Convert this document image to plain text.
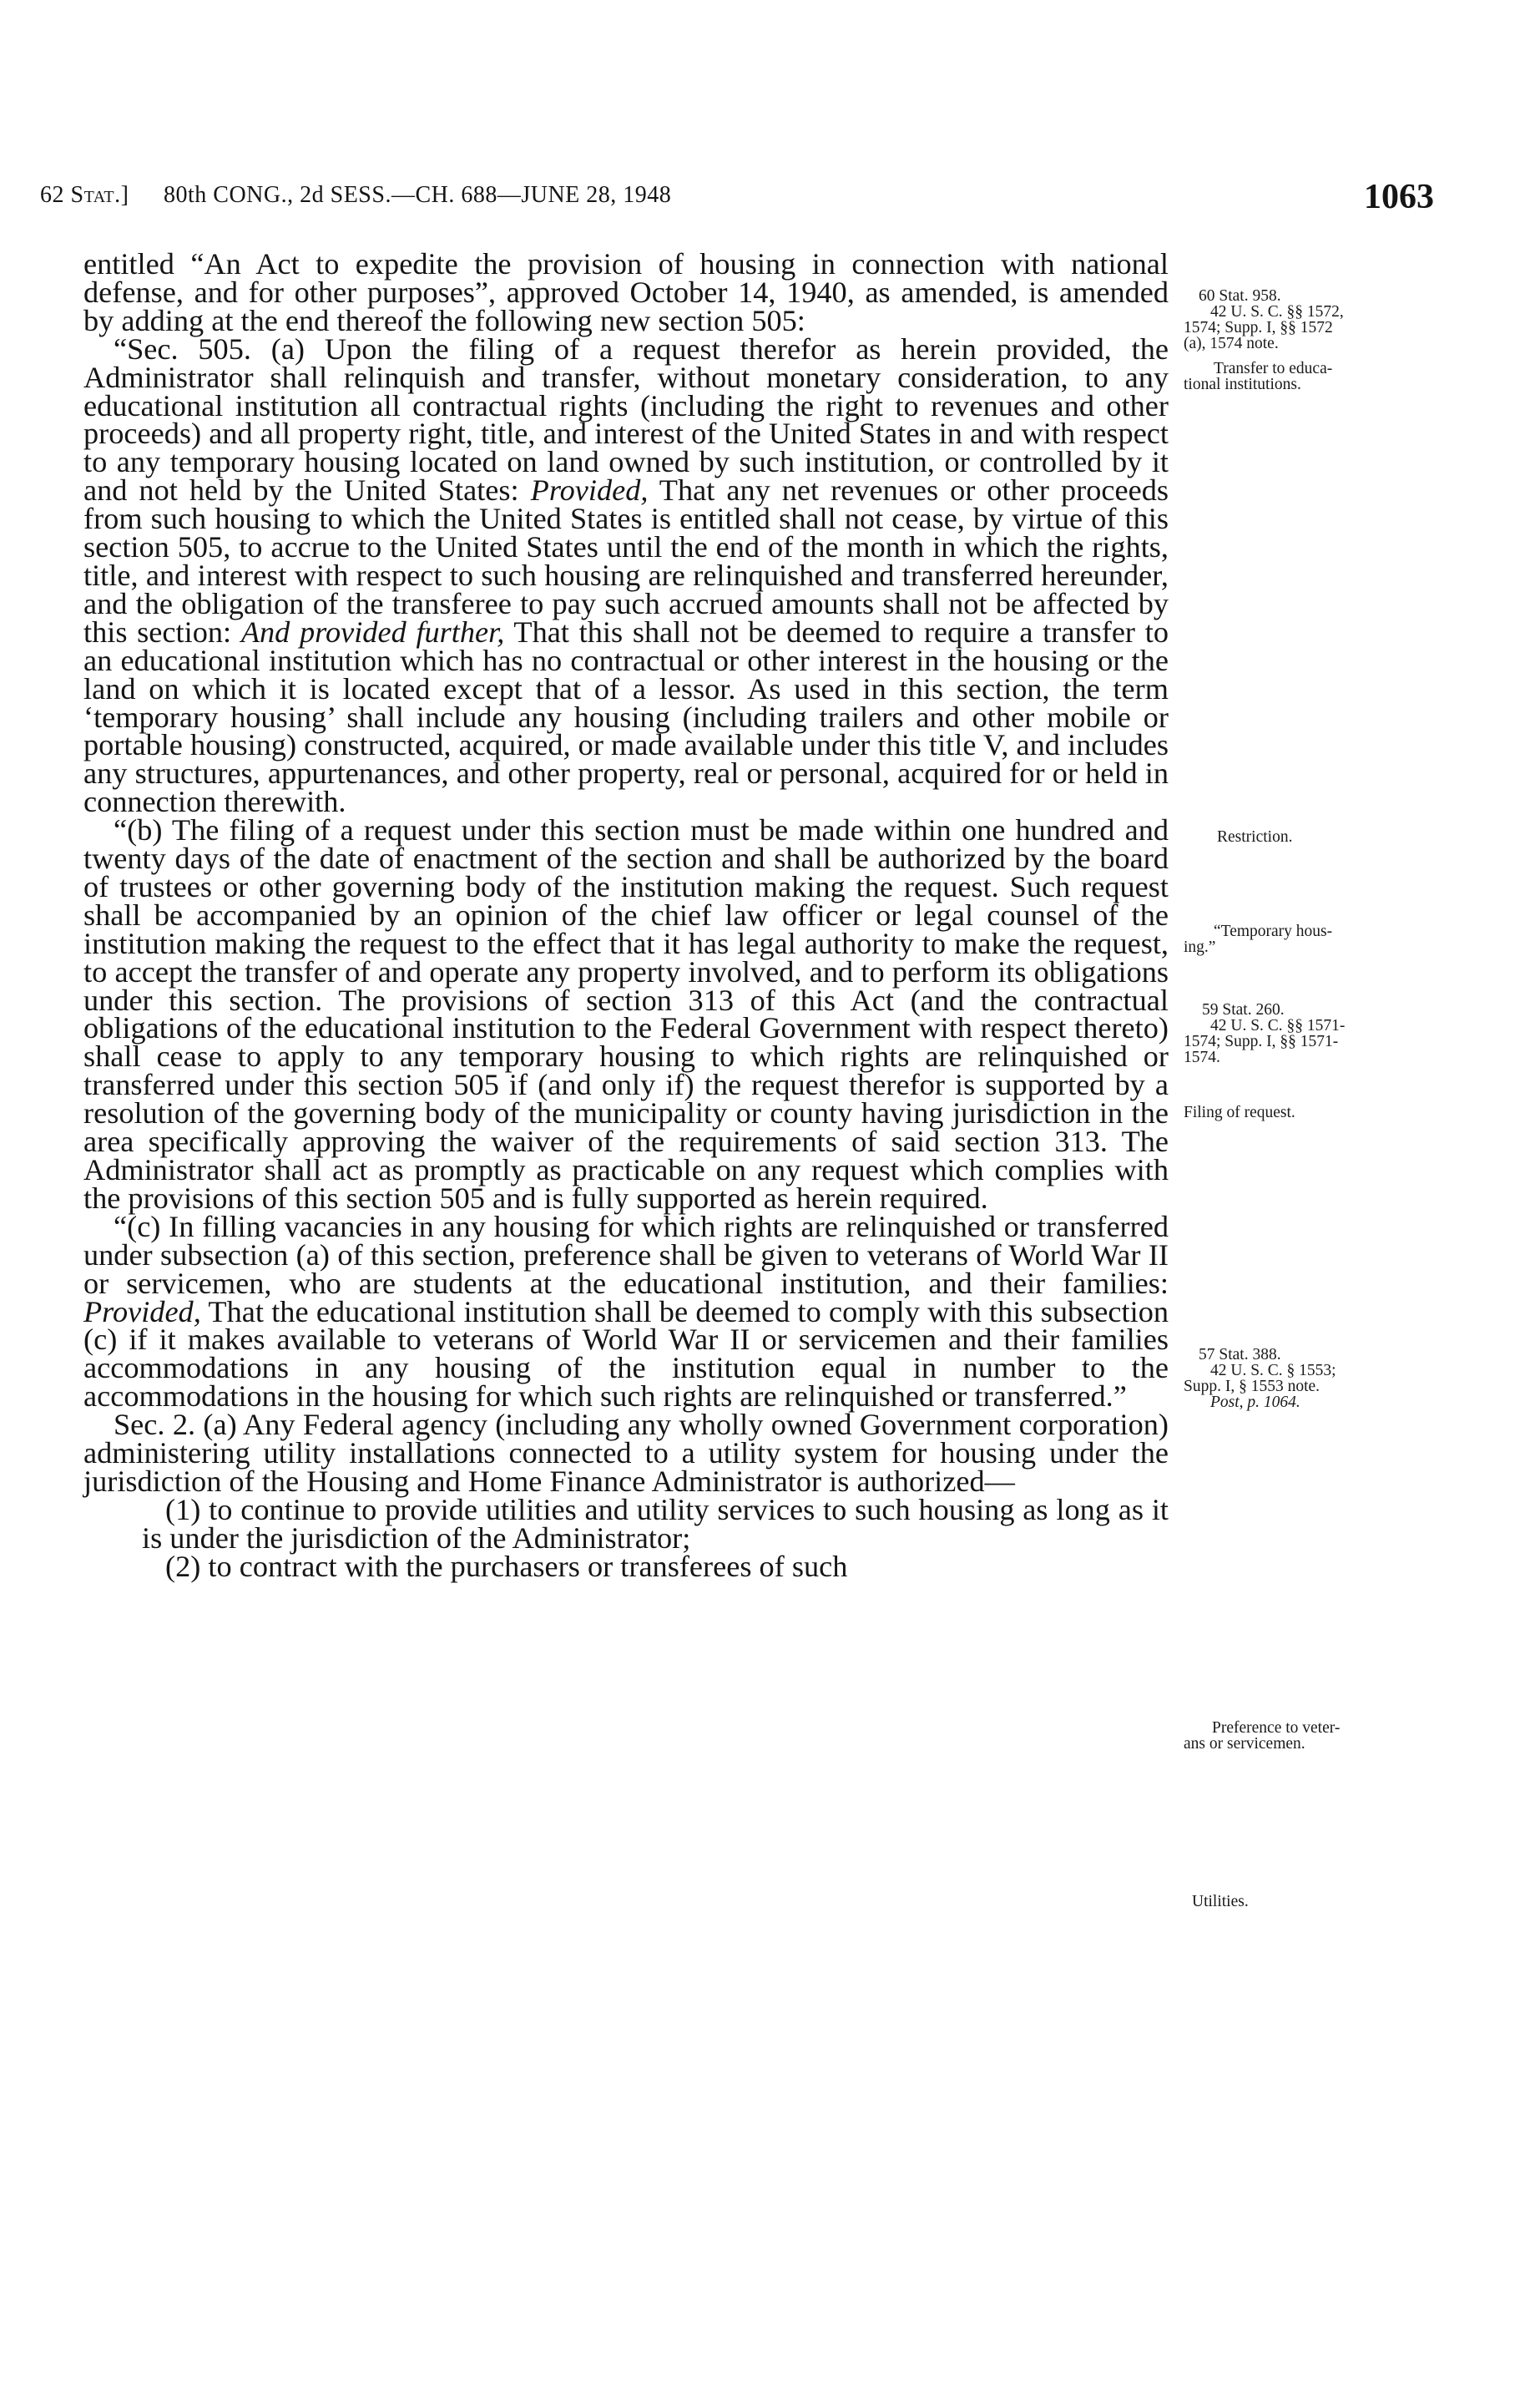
62 Stat.] 80th CONG., 2d SESS.—CH. 688—JUNE 28, 1948	1063

entitled “An Act to expedite the provision of housing in connection with national defense, and for other purposes”, approved October 14, 1940, as amended, is amended by adding at the end thereof the following new section 505:

“Sec. 505. (a) Upon the filing of a request therefor as herein provided, the Administrator shall relinquish and transfer, without monetary consideration, to any educational institution all contractual rights (including the right to revenues and other proceeds) and all property right, title, and interest of the United States in and with respect to any temporary housing located on land owned by such institution, or controlled by it and not held by the United States: Provided, That any net revenues or other proceeds from such housing to which the United States is entitled shall not cease, by virtue of this section 505, to accrue to the United States until the end of the month in which the rights, title, and interest with respect to such housing are relinquished and transferred hereunder, and the obligation of the transferee to pay such accrued amounts shall not be affected by this section: And provided further, That this shall not be deemed to require a transfer to an educational institution which has no contractual or other interest in the housing or the land on which it is located except that of a lessor. As used in this section, the term ‘temporary housing’ shall include any housing (including trailers and other mobile or portable housing) constructed, acquired, or made available under this title V, and includes any structures, appurtenances, and other property, real or personal, acquired for or held in connection therewith.

“(b) The filing of a request under this section must be made within one hundred and twenty days of the date of enactment of the section and shall be authorized by the board of trustees or other governing body of the institution making the request. Such request shall be accompanied by an opinion of the chief law officer or legal counsel of the institution making the request to the effect that it has legal authority to make the request, to accept the transfer of and operate any property involved, and to perform its obligations under this section. The provisions of section 313 of this Act (and the contractual obligations of the educational institution to the Federal Government with respect thereto) shall cease to apply to any temporary housing to which rights are relinquished or transferred under this section 505 if (and only if) the request therefor is supported by a resolution of the governing body of the municipality or county having jurisdiction in the area specifically approving the waiver of the requirements of said section 313. The Administrator shall act as promptly as practicable on any request which complies with the provisions of this section 505 and is fully supported as herein required.

“(c) In filling vacancies in any housing for which rights are relinquished or transferred under subsection (a) of this section, preference shall be given to veterans of World War II or servicemen, who are students at the educational institution, and their families: Provided, That the educational institution shall be deemed to comply with this subsection (c) if it makes available to veterans of World War II or servicemen and their families accommodations in any housing of the institution equal in number to the accommodations in the housing for which such rights are relinquished or transferred.”

Sec. 2. (a) Any Federal agency (including any wholly owned Government corporation) administering utility installations connected to a utility system for housing under the jurisdiction of the Housing and Home Finance Administrator is authorized—

(1) to continue to provide utilities and utility services to such housing as long as it is under the jurisdiction of the Administrator;

(2) to contract with the purchasers or transferees of such

60 Stat. 958.
42 U. S. C. §§ 1572,
1574; Supp. I, §§ 1572
(a), 1574 note.
Transfer to educa-
tional institutions.
Restriction.
“Temporary hous-
ing.”
59 Stat. 260.
42 U. S. C. §§ 1571-
1574; Supp. I, §§ 1571-
1574.
Filing of request.
57 Stat. 388.
42 U. S. C. § 1553;
Supp. I, § 1553 note.
Post, p. 1064.
Preference to veter-
ans or servicemen.
Utilities.
